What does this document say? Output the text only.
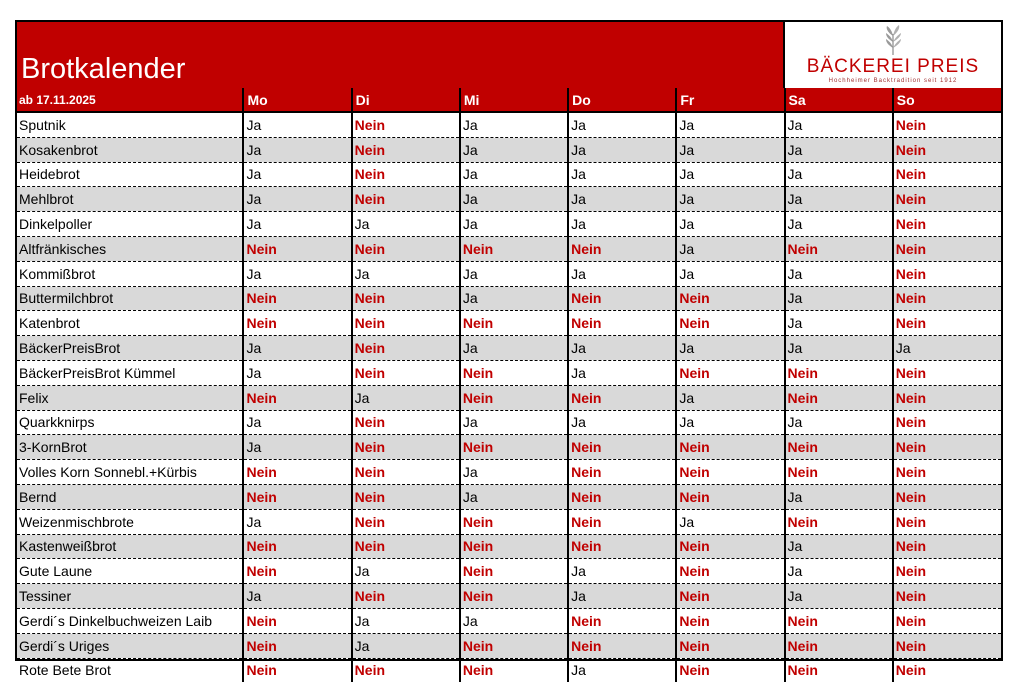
Brotkalender	BÄCKEREI PREIS
Hochheimer Backtradition seit 1912
ab 17.11.2025	Mo	Di	Mi	Do	Fr	Sa	So
Sputnik	Ja	Nein	Ja	Ja	Ja	Ja	Nein
Kosakenbrot	Ja	Nein	Ja	Ja	Ja	Ja	Nein
Heidebrot	Ja	Nein	Ja	Ja	Ja	Ja	Nein
Mehlbrot	Ja	Nein	Ja	Ja	Ja	Ja	Nein
Dinkelpoller	Ja	Ja	Ja	Ja	Ja	Ja	Nein
Altfränkisches	Nein	Nein	Nein	Nein	Ja	Nein	Nein
Kommißbrot	Ja	Ja	Ja	Ja	Ja	Ja	Nein
Buttermilchbrot	Nein	Nein	Ja	Nein	Nein	Ja	Nein
Katenbrot	Nein	Nein	Nein	Nein	Nein	Ja	Nein
BäckerPreisBrot	Ja	Nein	Ja	Ja	Ja	Ja	Ja
BäckerPreisBrot Kümmel	Ja	Nein	Nein	Ja	Nein	Nein	Nein
Felix	Nein	Ja	Nein	Nein	Ja	Nein	Nein
Quarkknirps	Ja	Nein	Ja	Ja	Ja	Ja	Nein
3-KornBrot	Ja	Nein	Nein	Nein	Nein	Nein	Nein
Volles Korn Sonnebl.+Kürbis	Nein	Nein	Ja	Nein	Nein	Nein	Nein
Bernd	Nein	Nein	Ja	Nein	Nein	Ja	Nein
Weizenmischbrote	Ja	Nein	Nein	Nein	Ja	Nein	Nein
Kastenweißbrot	Nein	Nein	Nein	Nein	Nein	Ja	Nein
Gute Laune	Nein	Ja	Nein	Ja	Nein	Ja	Nein
Tessiner	Ja	Nein	Nein	Ja	Nein	Ja	Nein
Gerdi´s Dinkelbuchweizen Laib	Nein	Ja	Ja	Nein	Nein	Nein	Nein
Gerdi´s Uriges	Nein	Ja	Nein	Nein	Nein	Nein	Nein
Rote Bete Brot	Nein	Nein	Nein	Ja	Nein	Nein	Nein
